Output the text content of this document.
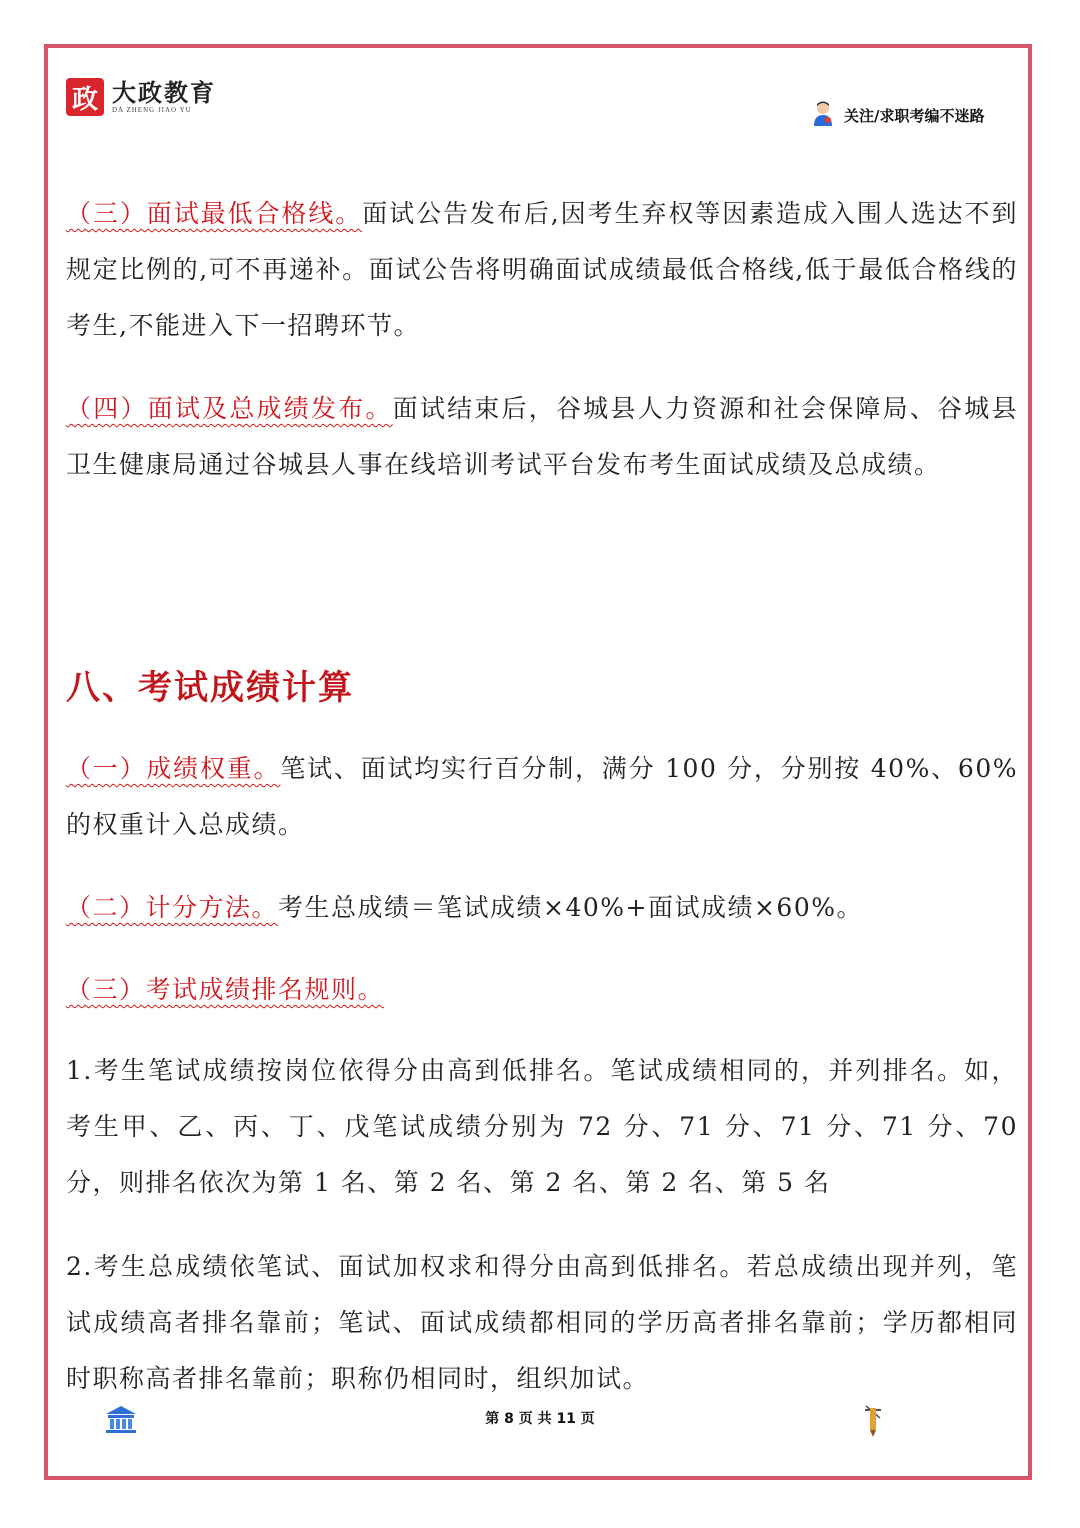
政 大政教育
DA ZHENG JIAO YU	关注/求职考编不迷路

（三）面试最低合格线。面试公告发布后,因考生弃权等因素造成入围人选达不到规定比例的,可不再递补。面试公告将明确面试成绩最低合格线,低于最低合格线的考生,不能进入下一招聘环节。

（四）面试及总成绩发布。面试结束后，谷城县人力资源和社会保障局、谷城县卫生健康局通过谷城县人事在线培训考试平台发布考生面试成绩及总成绩。

八、考试成绩计算

（一）成绩权重。笔试、面试均实行百分制，满分 100 分，分别按 40%、60%的权重计入总成绩。

（二）计分方法。考生总成绩＝笔试成绩×40%+面试成绩×60%。

（三）考试成绩排名规则。

1.考生笔试成绩按岗位依得分由高到低排名。笔试成绩相同的，并列排名。如，考生甲、乙、丙、丁、戊笔试成绩分别为 72 分、71 分、71 分、71 分、70 分，则排名依次为第 1 名、第 2 名、第 2 名、第 2 名、第 5 名

2.考生总成绩依笔试、面试加权求和得分由高到低排名。若总成绩出现并列，笔试成绩高者排名靠前；笔试、面试成绩都相同的学历高者排名靠前；学历都相同时职称高者排名靠前；职称仍相同时，组织加试。

第 8 页 共 11 页
